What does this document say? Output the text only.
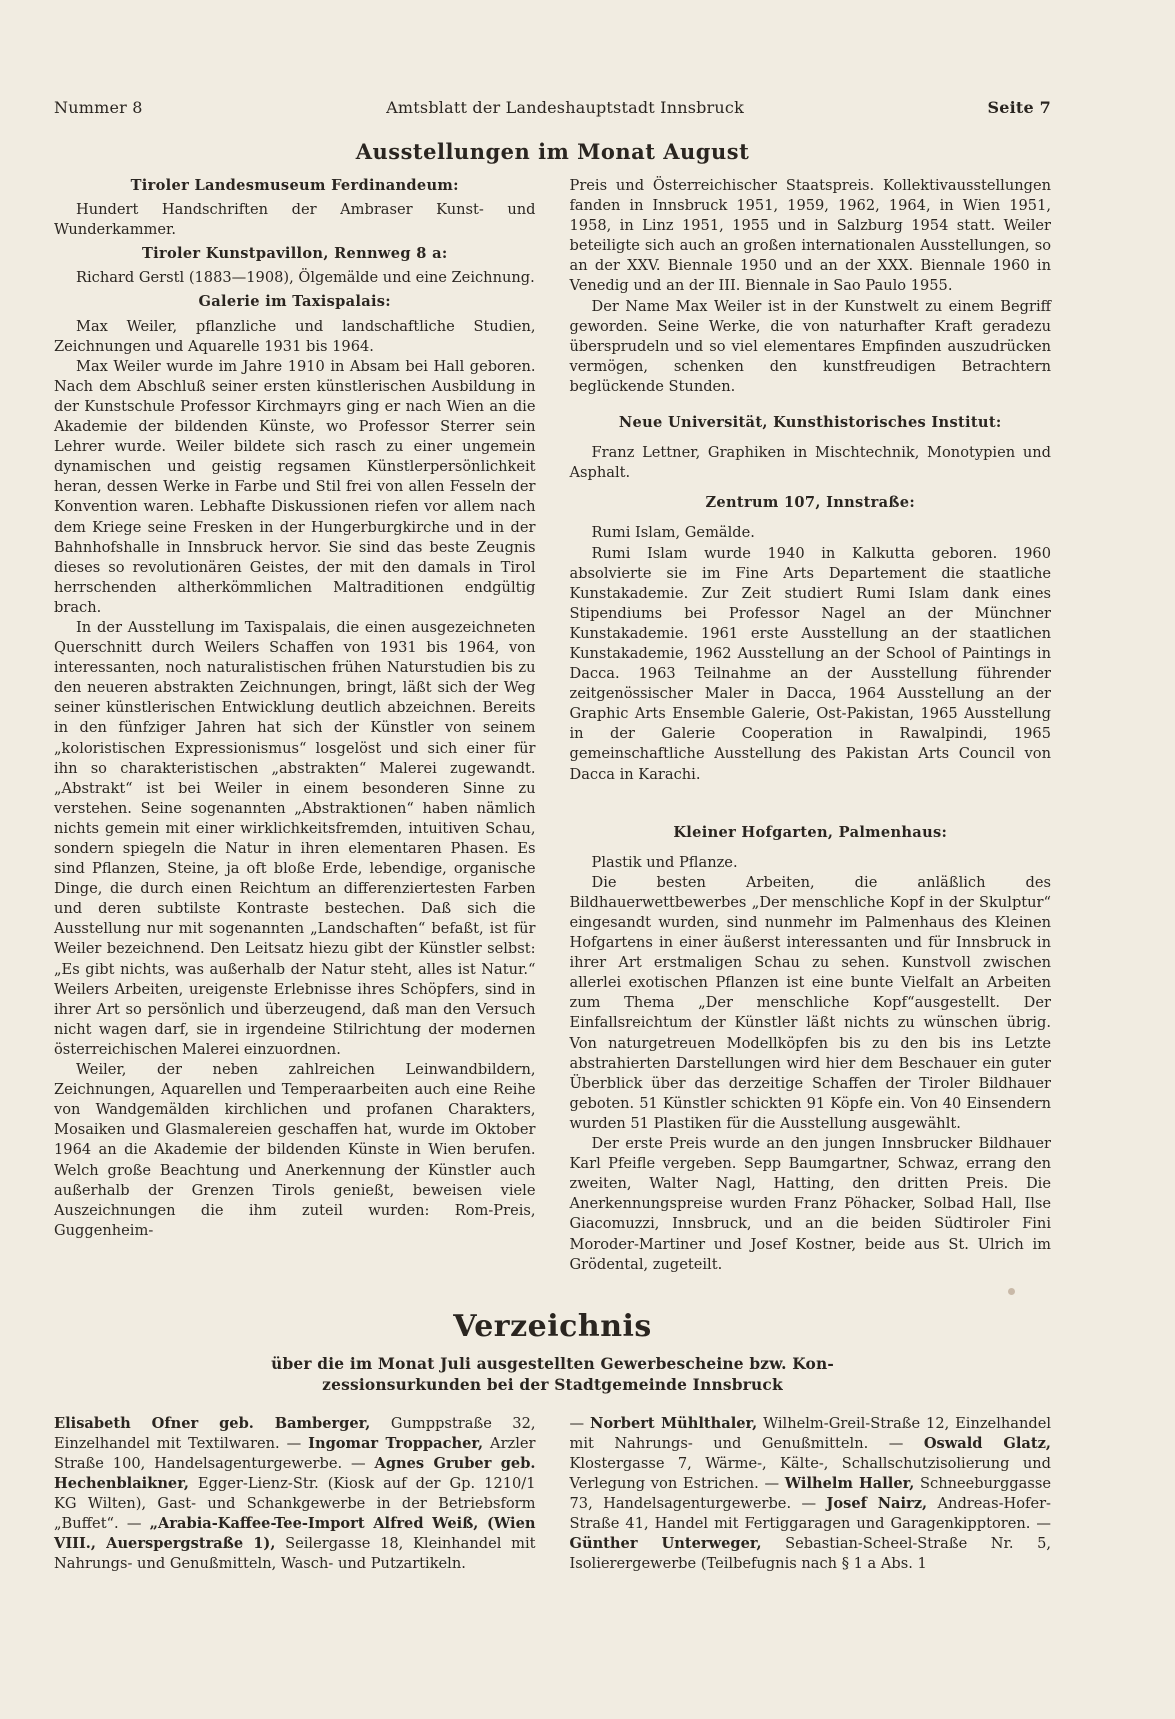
Nummer 8	Amtsblatt der Landeshauptstadt Innsbruck	Seite 7
Ausstellungen im Monat August
Tiroler Landesmuseum Ferdinandeum:

Hundert Handschriften der Ambraser Kunst- und Wunderkammer.

Tiroler Kunstpavillon, Rennweg 8 a:

Richard Gerstl (1883—1908), Ölgemälde und eine Zeichnung.

Galerie im Taxispalais:

Max Weiler, pflanzliche und landschaftliche Studien, Zeichnungen und Aquarelle 1931 bis 1964.

Max Weiler wurde im Jahre 1910 in Absam bei Hall geboren. Nach dem Abschluß seiner ersten künstlerischen Ausbildung in der Kunstschule Professor Kirchmayrs ging er nach Wien an die Akademie der bildenden Künste, wo Professor Sterrer sein Lehrer wurde. Weiler bildete sich rasch zu einer ungemein dynamischen und geistig regsamen Künstlerpersönlichkeit heran, dessen Werke in Farbe und Stil frei von allen Fesseln der Konvention waren. Lebhafte Diskussionen riefen vor allem nach dem Kriege seine Fresken in der Hungerburgkirche und in der Bahnhofshalle in Innsbruck hervor. Sie sind das beste Zeugnis dieses so revolutionären Geistes, der mit den damals in Tirol herrschenden altherkömmlichen Maltraditionen endgültig brach.

In der Ausstellung im Taxispalais, die einen ausgezeichneten Querschnitt durch Weilers Schaffen von 1931 bis 1964, von interessanten, noch naturalistischen frühen Naturstudien bis zu den neueren abstrakten Zeichnungen, bringt, läßt sich der Weg seiner künstlerischen Entwicklung deutlich abzeichnen. Bereits in den fünfziger Jahren hat sich der Künstler von seinem „koloristischen Expressionismus“ losgelöst und sich einer für ihn so charakteristischen „abstrakten“ Malerei zugewandt. „Abstrakt“ ist bei Weiler in einem besonderen Sinne zu verstehen. Seine sogenannten „Abstraktionen“ haben nämlich nichts gemein mit einer wirklichkeitsfremden, intuitiven Schau, sondern spiegeln die Natur in ihren elementaren Phasen. Es sind Pflanzen, Steine, ja oft bloße Erde, lebendige, organische Dinge, die durch einen Reichtum an differenziertesten Farben und deren subtilste Kontraste bestechen. Daß sich die Ausstellung nur mit sogenannten „Landschaften“ befaßt, ist für Weiler bezeichnend. Den Leitsatz hiezu gibt der Künstler selbst: „Es gibt nichts, was außerhalb der Natur steht, alles ist Natur.“ Weilers Arbeiten, ureigenste Erlebnisse ihres Schöpfers, sind in ihrer Art so persönlich und überzeugend, daß man den Versuch nicht wagen darf, sie in irgendeine Stilrichtung der modernen österreichischen Malerei einzuordnen.

Weiler, der neben zahlreichen Leinwandbildern, Zeichnungen, Aquarellen und Temperaarbeiten auch eine Reihe von Wandgemälden kirchlichen und profanen Charakters, Mosaiken und Glasmalereien geschaffen hat, wurde im Oktober 1964 an die Akademie der bildenden Künste in Wien berufen. Welch große Beachtung und Anerkennung der Künstler auch außerhalb der Grenzen Tirols genießt, beweisen viele Auszeichnungen die ihm zuteil wurden: Rom-Preis, Guggenheim-

Preis und Österreichischer Staatspreis. Kollektivausstellungen fanden in Innsbruck 1951, 1959, 1962, 1964, in Wien 1951, 1958, in Linz 1951, 1955 und in Salzburg 1954 statt. Weiler beteiligte sich auch an großen internationalen Ausstellungen, so an der XXV. Biennale 1950 und an der XXX. Biennale 1960 in Venedig und an der III. Biennale in Sao Paulo 1955.

Der Name Max Weiler ist in der Kunstwelt zu einem Begriff geworden. Seine Werke, die von naturhafter Kraft geradezu übersprudeln und so viel elementares Empfinden auszudrücken vermögen, schenken den kunstfreudigen Betrachtern beglückende Stunden.

Neue Universität, Kunsthistorisches Institut:

Franz Lettner, Graphiken in Mischtechnik, Monotypien und Asphalt.

Zentrum 107, Innstraße:

Rumi Islam, Gemälde.

Rumi Islam wurde 1940 in Kalkutta geboren. 1960 absolvierte sie im Fine Arts Departement die staatliche Kunstakademie. Zur Zeit studiert Rumi Islam dank eines Stipendiums bei Professor Nagel an der Münchner Kunstakademie. 1961 erste Ausstellung an der staatlichen Kunstakademie, 1962 Ausstellung an der School of Paintings in Dacca. 1963 Teilnahme an der Ausstellung führender zeitgenössischer Maler in Dacca, 1964 Ausstellung an der Graphic Arts Ensemble Galerie, Ost-Pakistan, 1965 Ausstellung in der Galerie Cooperation in Rawalpindi, 1965 gemeinschaftliche Ausstellung des Pakistan Arts Council von Dacca in Karachi.

Kleiner Hofgarten, Palmenhaus:

Plastik und Pflanze.

Die besten Arbeiten, die anläßlich des Bildhauerwettbewerbes „Der menschliche Kopf in der Skulptur“ eingesandt wurden, sind nunmehr im Palmenhaus des Kleinen Hofgartens in einer äußerst interessanten und für Innsbruck in ihrer Art erstmaligen Schau zu sehen. Kunstvoll zwischen allerlei exotischen Pflanzen ist eine bunte Vielfalt an Arbeiten zum Thema „Der menschliche Kopf“ausgestellt. Der Einfallsreichtum der Künstler läßt nichts zu wünschen übrig. Von naturgetreuen Modellköpfen bis zu den bis ins Letzte abstrahierten Darstellungen wird hier dem Beschauer ein guter Überblick über das derzeitige Schaffen der Tiroler Bildhauer geboten. 51 Künstler schickten 91 Köpfe ein. Von 40 Einsendern wurden 51 Plastiken für die Ausstellung ausgewählt.

Der erste Preis wurde an den jungen Innsbrucker Bildhauer Karl Pfeifle vergeben. Sepp Baumgartner, Schwaz, errang den zweiten, Walter Nagl, Hatting, den dritten Preis. Die Anerkennungspreise wurden Franz Pöhacker, Solbad Hall, Ilse Giacomuzzi, Innsbruck, und an die beiden Südtiroler Fini Moroder-Martiner und Josef Kostner, beide aus St. Ulrich im Grödental, zugeteilt.

Verzeichnis
über die im Monat Juli ausgestellten Gewerbescheine bzw. Kon-
zessionsurkunden bei der Stadtgemeinde Innsbruck

Elisabeth Ofner geb. Bamberger, Gumppstraße 32, Einzelhandel mit Textilwaren. — Ingomar Troppacher, Arzler Straße 100, Handelsagenturgewerbe. — Agnes Gruber geb. Hechenblaikner, Egger-Lienz-Str. (Kiosk auf der Gp. 1210/1 KG Wilten), Gast- und Schankgewerbe in der Betriebsform „Buffet“. — „Arabia-Kaffee-Tee-Import Alfred Weiß, (Wien VIII., Auerspergstraße 1), Seilergasse 18, Kleinhandel mit Nahrungs- und Genußmitteln, Wasch- und Putzartikeln.

— Norbert Mühlthaler, Wilhelm-Greil-Straße 12, Einzelhandel mit Nahrungs- und Genußmitteln. — Oswald Glatz, Klostergasse 7, Wärme-, Kälte-, Schallschutzisolierung und Verlegung von Estrichen. — Wilhelm Haller, Schneeburggasse 73, Handelsagenturgewerbe. — Josef Nairz, Andreas-Hofer-Straße 41, Handel mit Fertiggaragen und Garagenkipptoren. — Günther Unterweger, Sebastian-Scheel-Straße Nr. 5, Isolierergewerbe (Teilbefugnis nach § 1 a Abs. 1
